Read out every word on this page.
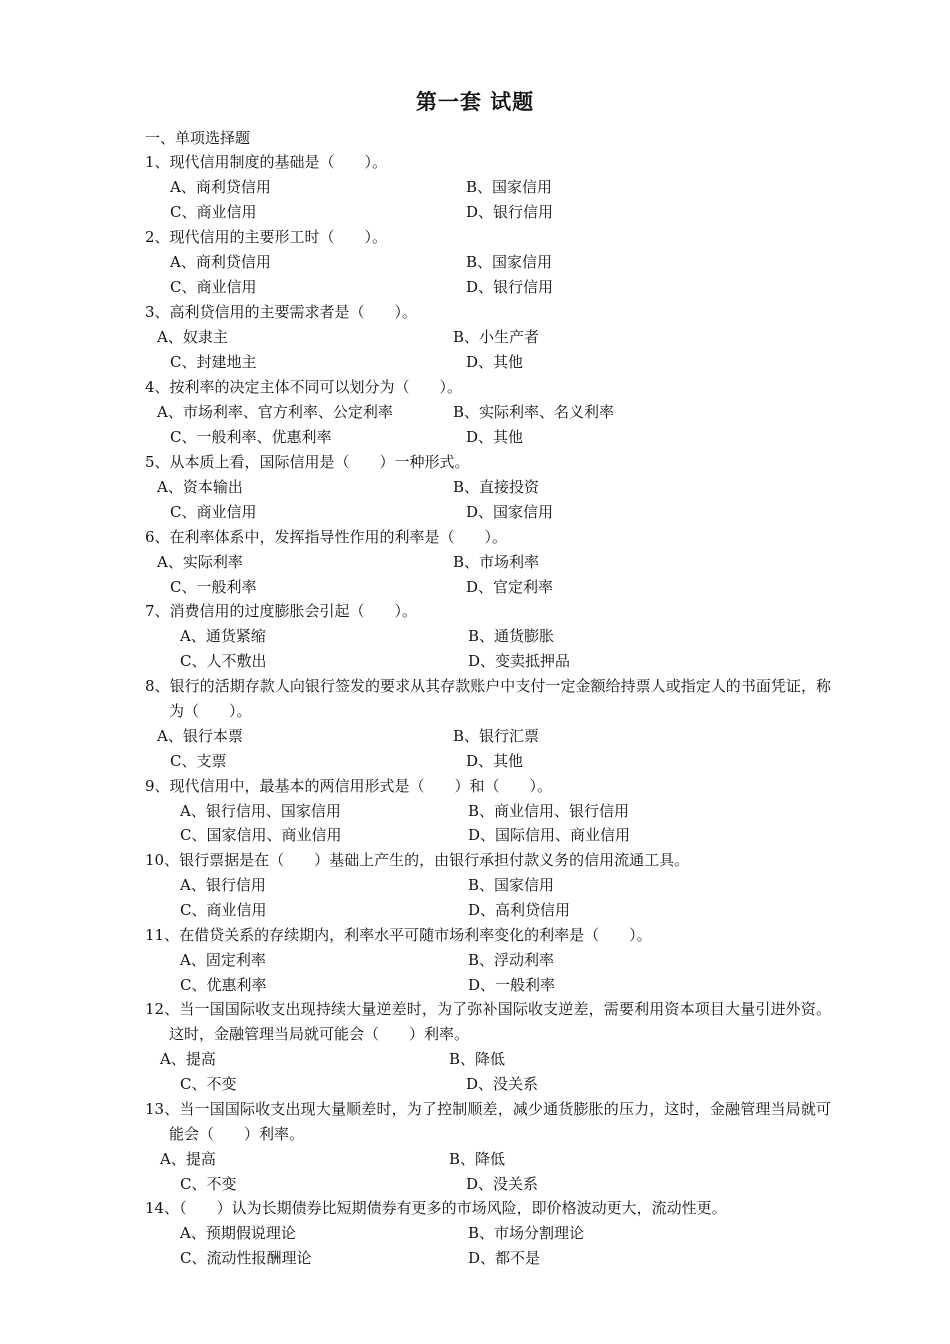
第一套 试题
一、单项选择题
1、现代信用制度的基础是（　　）。
A、商利贷信用	B、国家信用
C、商业信用	D、银行信用
2、现代信用的主要形工时（　　）。
A、商利贷信用	B、国家信用
C、商业信用	D、银行信用
3、高利贷信用的主要需求者是（　　）。
A、奴隶主	B、小生产者
C、封建地主	D、其他
4、按利率的决定主体不同可以划分为（　　）。
A、市场利率、官方利率、公定利率	B、实际利率、名义利率
C、一般利率、优惠利率	D、其他
5、从本质上看，国际信用是（　　）一种形式。
A、资本输出	B、直接投资
C、商业信用	D、国家信用
6、在利率体系中，发挥指导性作用的利率是（　　）。
A、实际利率	B、市场利率
C、一般利率	D、官定利率
7、消费信用的过度膨胀会引起（　　）。
A、通货紧缩	B、通货膨胀
C、人不敷出	D、变卖抵押品
8、银行的活期存款人向银行签发的要求从其存款账户中支付一定金额给持票人或指定人的书面凭证，称为（　　）。
A、银行本票	B、银行汇票
C、支票	D、其他
9、现代信用中，最基本的两信用形式是（　　）和（　　）。
A、银行信用、国家信用	B、商业信用、银行信用
C、国家信用、商业信用	D、国际信用、商业信用
10、银行票据是在（　　）基础上产生的，由银行承担付款义务的信用流通工具。
A、银行信用	B、国家信用
C、商业信用	D、高利贷信用
11、在借贷关系的存续期内，利率水平可随市场利率变化的利率是（　　）。
A、固定利率	B、浮动利率
C、优惠利率	D、一般利率
12、当一国国际收支出现持续大量逆差时，为了弥补国际收支逆差，需要利用资本项目大量引进外资。这时，金融管理当局就可能会（　　）利率。
A、提高	B、降低
C、不变	D、没关系
13、当一国国际收支出现大量顺差时，为了控制顺差，减少通货膨胀的压力，这时，金融管理当局就可能会（　　）利率。
A、提高	B、降低
C、不变	D、没关系
14、（　　）认为长期债券比短期债券有更多的市场风险，即价格波动更大，流动性更。
A、预期假说理论	B、市场分割理论
C、流动性报酬理论	D、都不是
